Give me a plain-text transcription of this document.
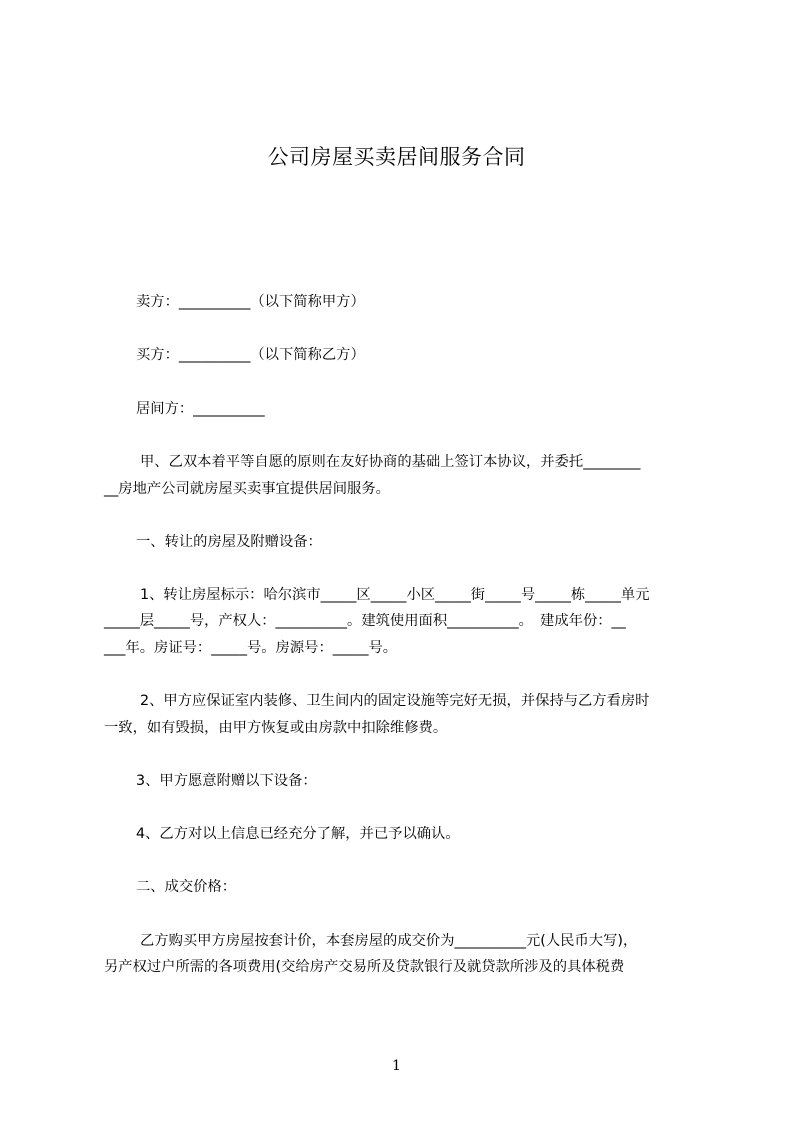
公司房屋买卖居间服务合同
卖方：__________（以下简称甲方）
买方：__________（以下简称乙方）
居间方：__________
甲、乙双本着平等自愿的原则在友好协商的基础上签订本协议，并委托________
__房地产公司就房屋买卖事宜提供居间服务。
一、转让的房屋及附赠设备：
1、转让房屋标示：哈尔滨市_____区_____小区_____街_____号_____栋_____单元
_____层_____号，产权人：__________。建筑使用面积__________。　建成年份：__
___年。房证号：_____号。房源号：_____号。
2、甲方应保证室内装修、卫生间内的固定设施等完好无损，并保持与乙方看房时
一致，如有毁损，由甲方恢复或由房款中扣除维修费。
3、甲方愿意附赠以下设备：
4、乙方对以上信息已经充分了解，并已予以确认。
二、成交价格：
乙方购买甲方房屋按套计价，本套房屋的成交价为__________元(人民币大写)，
另产权过户所需的各项费用(交给房产交易所及贷款银行及就贷款所涉及的具体税费
1
